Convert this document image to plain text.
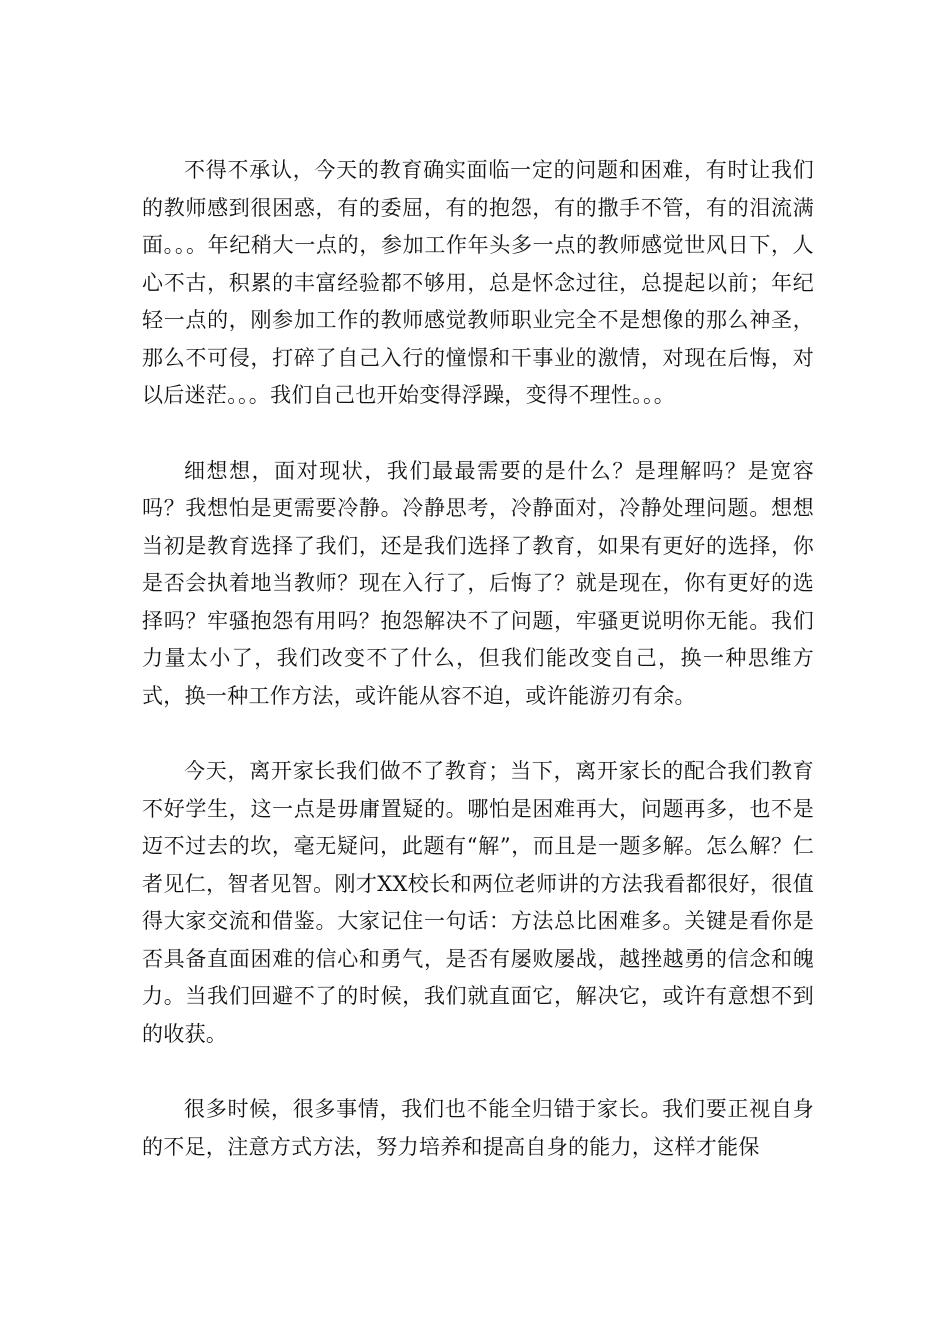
不得不承认，今天的教育确实面临一定的问题和困难，有时让我们的教师感到很困惑，有的委屈，有的抱怨，有的撒手不管，有的泪流满面。。。年纪稍大一点的，参加工作年头多一点的教师感觉世风日下，人心不古，积累的丰富经验都不够用，总是怀念过往，总提起以前；年纪轻一点的，刚参加工作的教师感觉教师职业完全不是想像的那么神圣，那么不可侵，打碎了自己入行的憧憬和干事业的激情，对现在后悔，对以后迷茫。。。我们自己也开始变得浮躁，变得不理性。。。

细想想，面对现状，我们最最需要的是什么？是理解吗？是宽容吗？我想怕是更需要冷静。冷静思考，冷静面对，冷静处理问题。想想当初是教育选择了我们，还是我们选择了教育，如果有更好的选择，你是否会执着地当教师？现在入行了，后悔了？就是现在，你有更好的选择吗？牢骚抱怨有用吗？抱怨解决不了问题，牢骚更说明你无能。我们力量太小了，我们改变不了什么，但我们能改变自己，换一种思维方式，换一种工作方法，或许能从容不迫，或许能游刃有余。

今天，离开家长我们做不了教育；当下，离开家长的配合我们教育不好学生，这一点是毋庸置疑的。哪怕是困难再大，问题再多，也不是迈不过去的坎，毫无疑问，此题有“解”，而且是一题多解。怎么解？仁者见仁，智者见智。刚才XX校长和两位老师讲的方法我看都很好，很值得大家交流和借鉴。大家记住一句话：方法总比困难多。关键是看你是否具备直面困难的信心和勇气，是否有屡败屡战，越挫越勇的信念和魄力。当我们回避不了的时候，我们就直面它，解决它，或许有意想不到的收获。

很多时候，很多事情，我们也不能全归错于家长。我们要正视自身的不足，注意方式方法，努力培养和提高自身的能力，这样才能保
